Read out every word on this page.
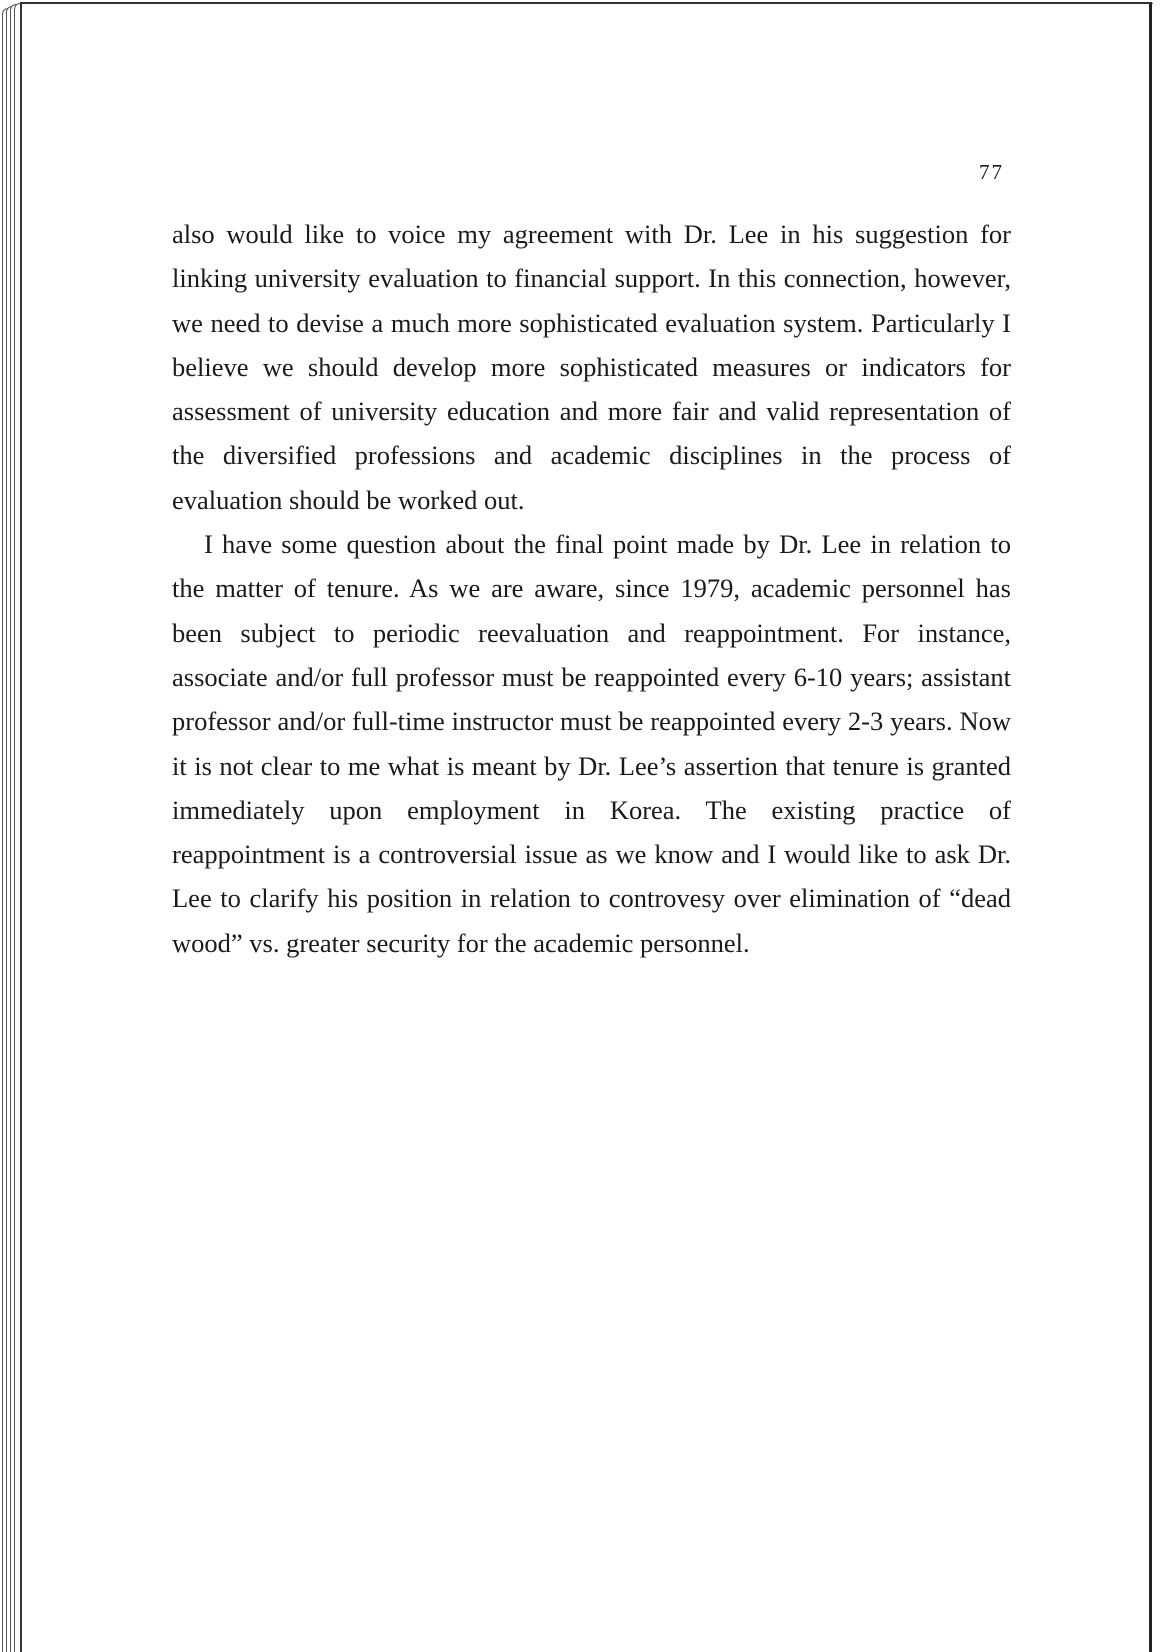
77

also would like to voice my agreement with Dr. Lee in his suggestion for linking university evaluation to financial support. In this connection, however, we need to devise a much more sophisticated evaluation system. Particularly I believe we should develop more sophisticated measures or indicators for assessment of university education and more fair and valid representation of the diversified professions and academic disciplines in the process of evaluation should be worked out.

I have some question about the final point made by Dr. Lee in relation to the matter of tenure. As we are aware, since 1979, academic personnel has been subject to periodic reevaluation and reappointment. For instance, associate and/or full professor must be reappointed every 6-10 years; assistant professor and/or full-time instructor must be reappointed every 2-3 years. Now it is not clear to me what is meant by Dr. Lee’s assertion that tenure is granted immediately upon employment in Korea. The existing practice of reappointment is a controversial issue as we know and I would like to ask Dr. Lee to clarify his position in relation to controvesy over elimination of “dead wood” vs. greater security for the academic personnel.
